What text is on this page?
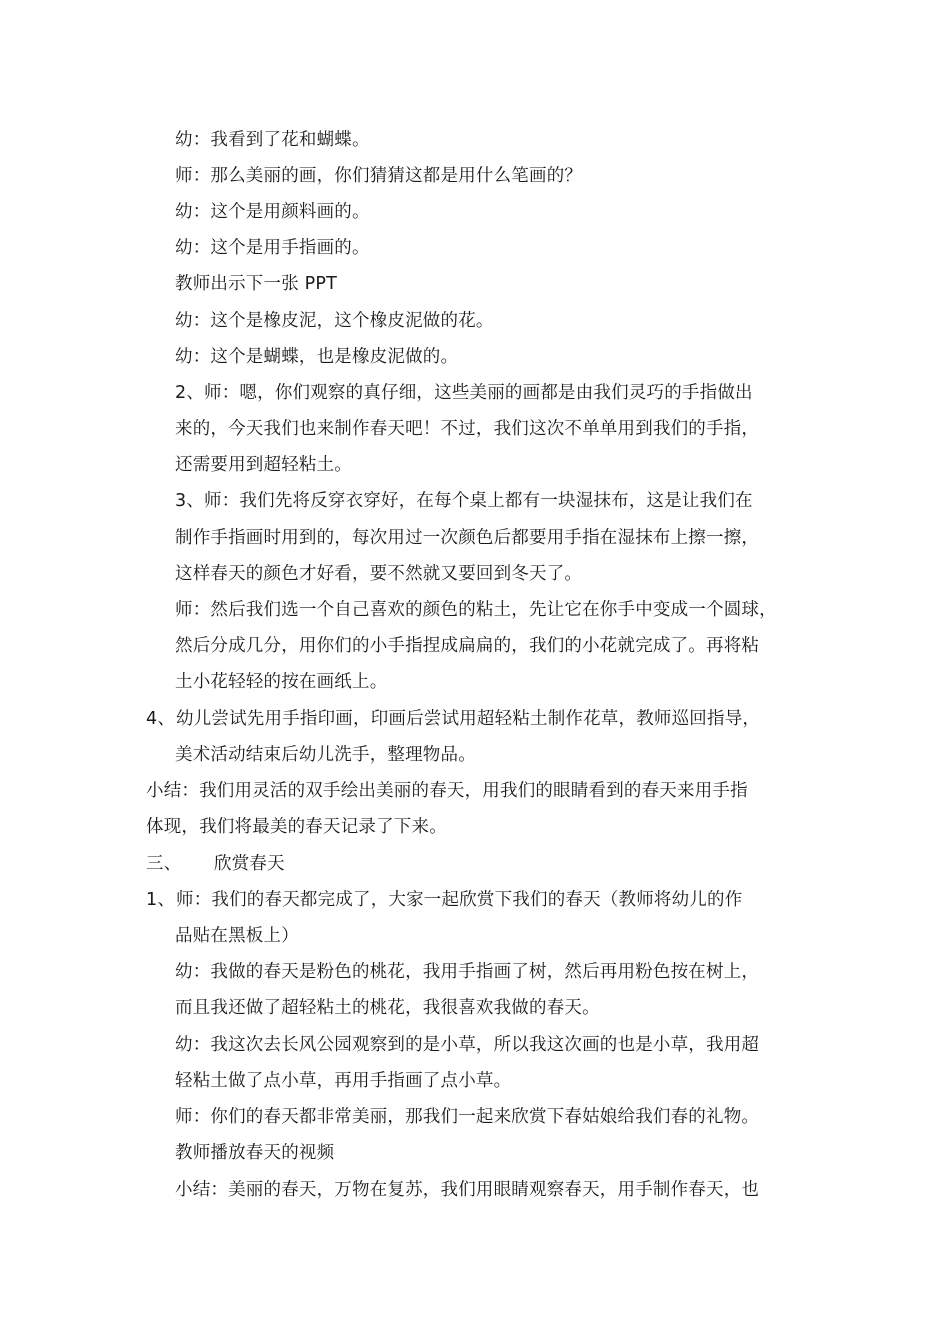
幼：我看到了花和蝴蝶。
师：那么美丽的画，你们猜猜这都是用什么笔画的？
幼：这个是用颜料画的。
幼：这个是用手指画的。
教师出示下一张 PPT
幼：这个是橡皮泥，这个橡皮泥做的花。
幼：这个是蝴蝶，也是橡皮泥做的。
2、师：嗯，你们观察的真仔细，这些美丽的画都是由我们灵巧的手指做出
来的，今天我们也来制作春天吧！不过，我们这次不单单用到我们的手指，
还需要用到超轻粘土。
3、师：我们先将反穿衣穿好，在每个桌上都有一块湿抹布，这是让我们在
制作手指画时用到的，每次用过一次颜色后都要用手指在湿抹布上擦一擦，
这样春天的颜色才好看，要不然就又要回到冬天了。
师：然后我们选一个自己喜欢的颜色的粘土，先让它在你手中变成一个圆球，
然后分成几分，用你们的小手指捏成扁扁的，我们的小花就完成了。再将粘
土小花轻轻的按在画纸上。
4、幼儿尝试先用手指印画，印画后尝试用超轻粘土制作花草，教师巡回指导，
美术活动结束后幼儿洗手，整理物品。
小结：我们用灵活的双手绘出美丽的春天，用我们的眼睛看到的春天来用手指
体现，我们将最美的春天记录了下来。
三、 欣赏春天
1、师：我们的春天都完成了，大家一起欣赏下我们的春天（教师将幼儿的作
品贴在黑板上）
幼：我做的春天是粉色的桃花，我用手指画了树，然后再用粉色按在树上，
而且我还做了超轻粘土的桃花，我很喜欢我做的春天。
幼：我这次去长风公园观察到的是小草，所以我这次画的也是小草，我用超
轻粘土做了点小草，再用手指画了点小草。
师：你们的春天都非常美丽，那我们一起来欣赏下春姑娘给我们春的礼物。
教师播放春天的视频
小结：美丽的春天，万物在复苏，我们用眼睛观察春天，用手制作春天，也
